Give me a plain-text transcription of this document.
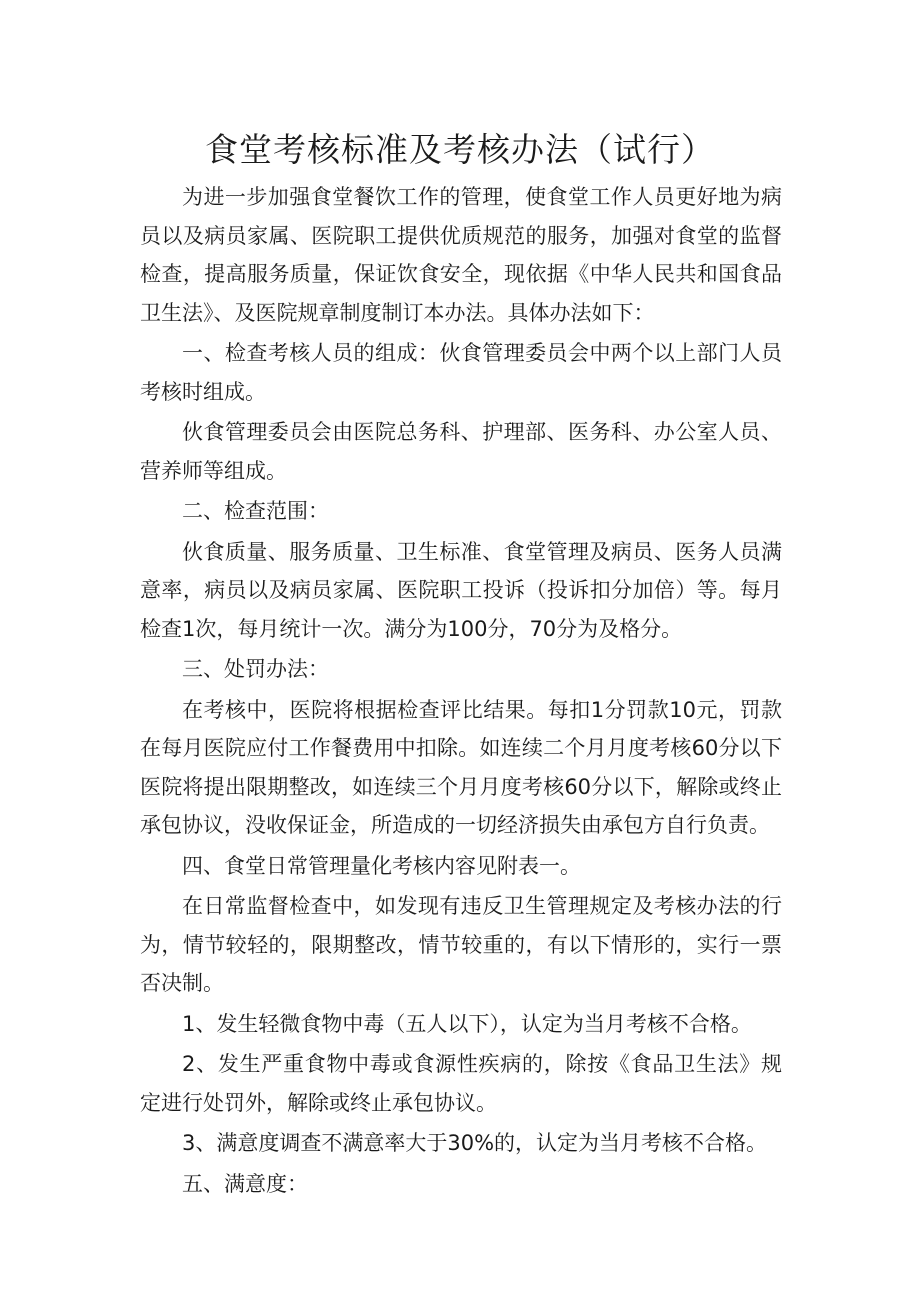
食堂考核标准及考核办法（试行）

为进一步加强食堂餐饮工作的管理，使食堂工作人员更好地为病员以及病员家属、医院职工提供优质规范的服务，加强对食堂的监督检查，提高服务质量，保证饮食安全，现依据《中华人民共和国食品卫生法》、及医院规章制度制订本办法。具体办法如下：

一、检查考核人员的组成：伙食管理委员会中两个以上部门人员考核时组成。

伙食管理委员会由医院总务科、护理部、医务科、办公室人员、营养师等组成。

二、检查范围：

伙食质量、服务质量、卫生标准、食堂管理及病员、医务人员满意率，病员以及病员家属、医院职工投诉（投诉扣分加倍）等。每月检查1次，每月统计一次。满分为100分，70分为及格分。

三、处罚办法：

在考核中，医院将根据检查评比结果。每扣1分罚款10元，罚款在每月医院应付工作餐费用中扣除。如连续二个月月度考核60分以下医院将提出限期整改，如连续三个月月度考核60分以下，解除或终止承包协议，没收保证金，所造成的一切经济损失由承包方自行负责。

四、食堂日常管理量化考核内容见附表一。

在日常监督检查中，如发现有违反卫生管理规定及考核办法的行为，情节较轻的，限期整改，情节较重的，有以下情形的，实行一票否决制。

1、发生轻微食物中毒（五人以下），认定为当月考核不合格。

2、发生严重食物中毒或食源性疾病的，除按《食品卫生法》规定进行处罚外，解除或终止承包协议。

3、满意度调查不满意率大于30%的，认定为当月考核不合格。

五、满意度：
